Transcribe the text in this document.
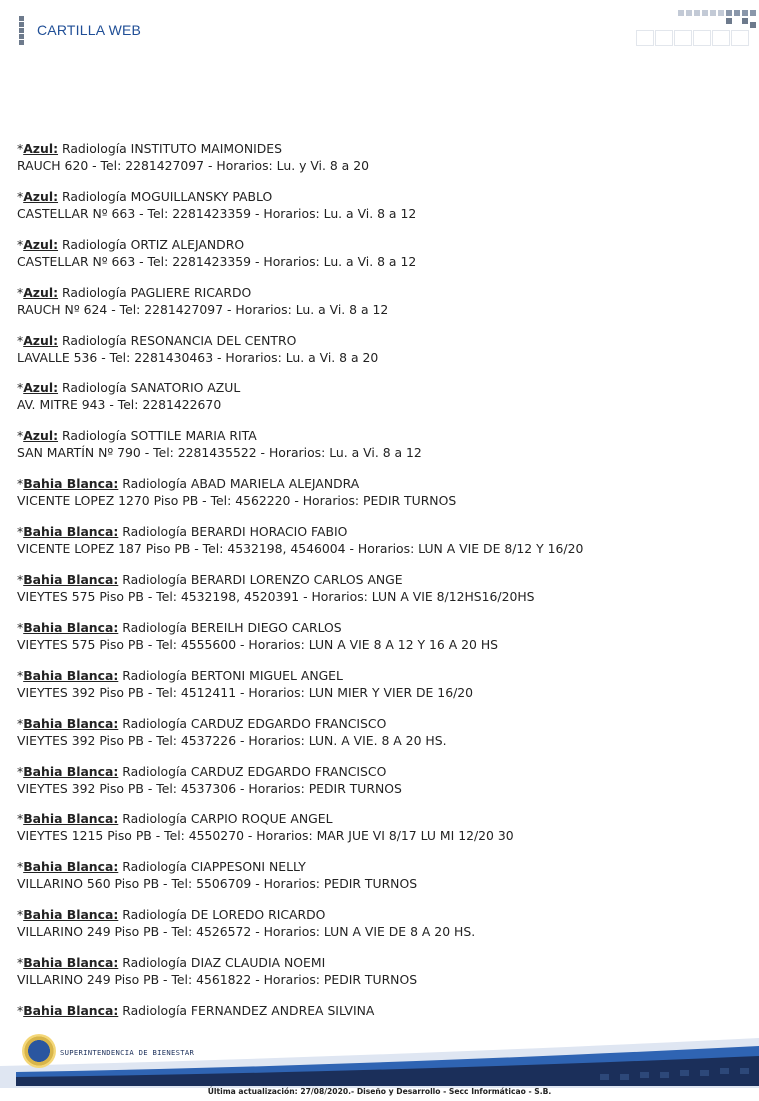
CARTILLA WEB
*Azul: Radiología INSTITUTO MAIMONIDES
RAUCH 620 - Tel: 2281427097 - Horarios: Lu. y Vi. 8 a 20
*Azul: Radiología MOGUILLANSKY PABLO
CASTELLAR Nº 663 - Tel: 2281423359 - Horarios: Lu. a Vi. 8 a 12
*Azul: Radiología ORTIZ ALEJANDRO
CASTELLAR Nº 663 - Tel: 2281423359 - Horarios: Lu. a Vi. 8 a 12
*Azul: Radiología PAGLIERE RICARDO
RAUCH Nº 624 - Tel: 2281427097 - Horarios: Lu. a Vi. 8 a 12
*Azul: Radiología RESONANCIA DEL CENTRO
LAVALLE 536 - Tel: 2281430463 - Horarios: Lu. a Vi. 8 a 20
*Azul: Radiología SANATORIO AZUL
AV. MITRE 943 - Tel: 2281422670
*Azul: Radiología SOTTILE MARIA RITA
SAN MARTÍN Nº 790 - Tel: 2281435522 - Horarios: Lu. a Vi. 8 a 12
*Bahia Blanca: Radiología ABAD MARIELA ALEJANDRA
VICENTE LOPEZ 1270 Piso PB - Tel: 4562220 - Horarios: PEDIR TURNOS
*Bahia Blanca: Radiología BERARDI HORACIO FABIO
VICENTE LOPEZ 187 Piso PB - Tel: 4532198, 4546004 - Horarios: LUN A VIE DE 8/12 Y 16/20
*Bahia Blanca: Radiología BERARDI LORENZO CARLOS ANGE
VIEYTES 575 Piso PB - Tel: 4532198, 4520391 - Horarios: LUN A VIE 8/12HS16/20HS
*Bahia Blanca: Radiología BEREILH DIEGO CARLOS
VIEYTES 575 Piso PB - Tel: 4555600 - Horarios: LUN A VIE 8 A 12 Y 16 A 20 HS
*Bahia Blanca: Radiología BERTONI MIGUEL ANGEL
VIEYTES 392 Piso PB - Tel: 4512411 - Horarios: LUN MIER Y VIER DE 16/20
*Bahia Blanca: Radiología CARDUZ EDGARDO FRANCISCO
VIEYTES 392 Piso PB - Tel: 4537226 - Horarios: LUN. A VIE. 8 A 20 HS.
*Bahia Blanca: Radiología CARDUZ EDGARDO FRANCISCO
VIEYTES 392 Piso PB - Tel: 4537306 - Horarios: PEDIR TURNOS
*Bahia Blanca: Radiología CARPIO ROQUE ANGEL
VIEYTES 1215 Piso PB - Tel: 4550270 - Horarios: MAR JUE VI 8/17 LU MI 12/20 30
*Bahia Blanca: Radiología CIAPPESONI NELLY
VILLARINO 560 Piso PB - Tel: 5506709 - Horarios: PEDIR TURNOS
*Bahia Blanca: Radiología DE LOREDO RICARDO
VILLARINO 249 Piso PB - Tel: 4526572 - Horarios: LUN A VIE DE 8 A 20 HS.
*Bahia Blanca: Radiología DIAZ CLAUDIA NOEMI
VILLARINO 249 Piso PB - Tel: 4561822 - Horarios: PEDIR TURNOS
*Bahia Blanca: Radiología FERNANDEZ ANDREA SILVINA
SUPERINTENDENCIA DE BIENESTAR
Última actualización: 27/08/2020.- Diseño y Desarrollo - Secc Informáticao - S.B.
